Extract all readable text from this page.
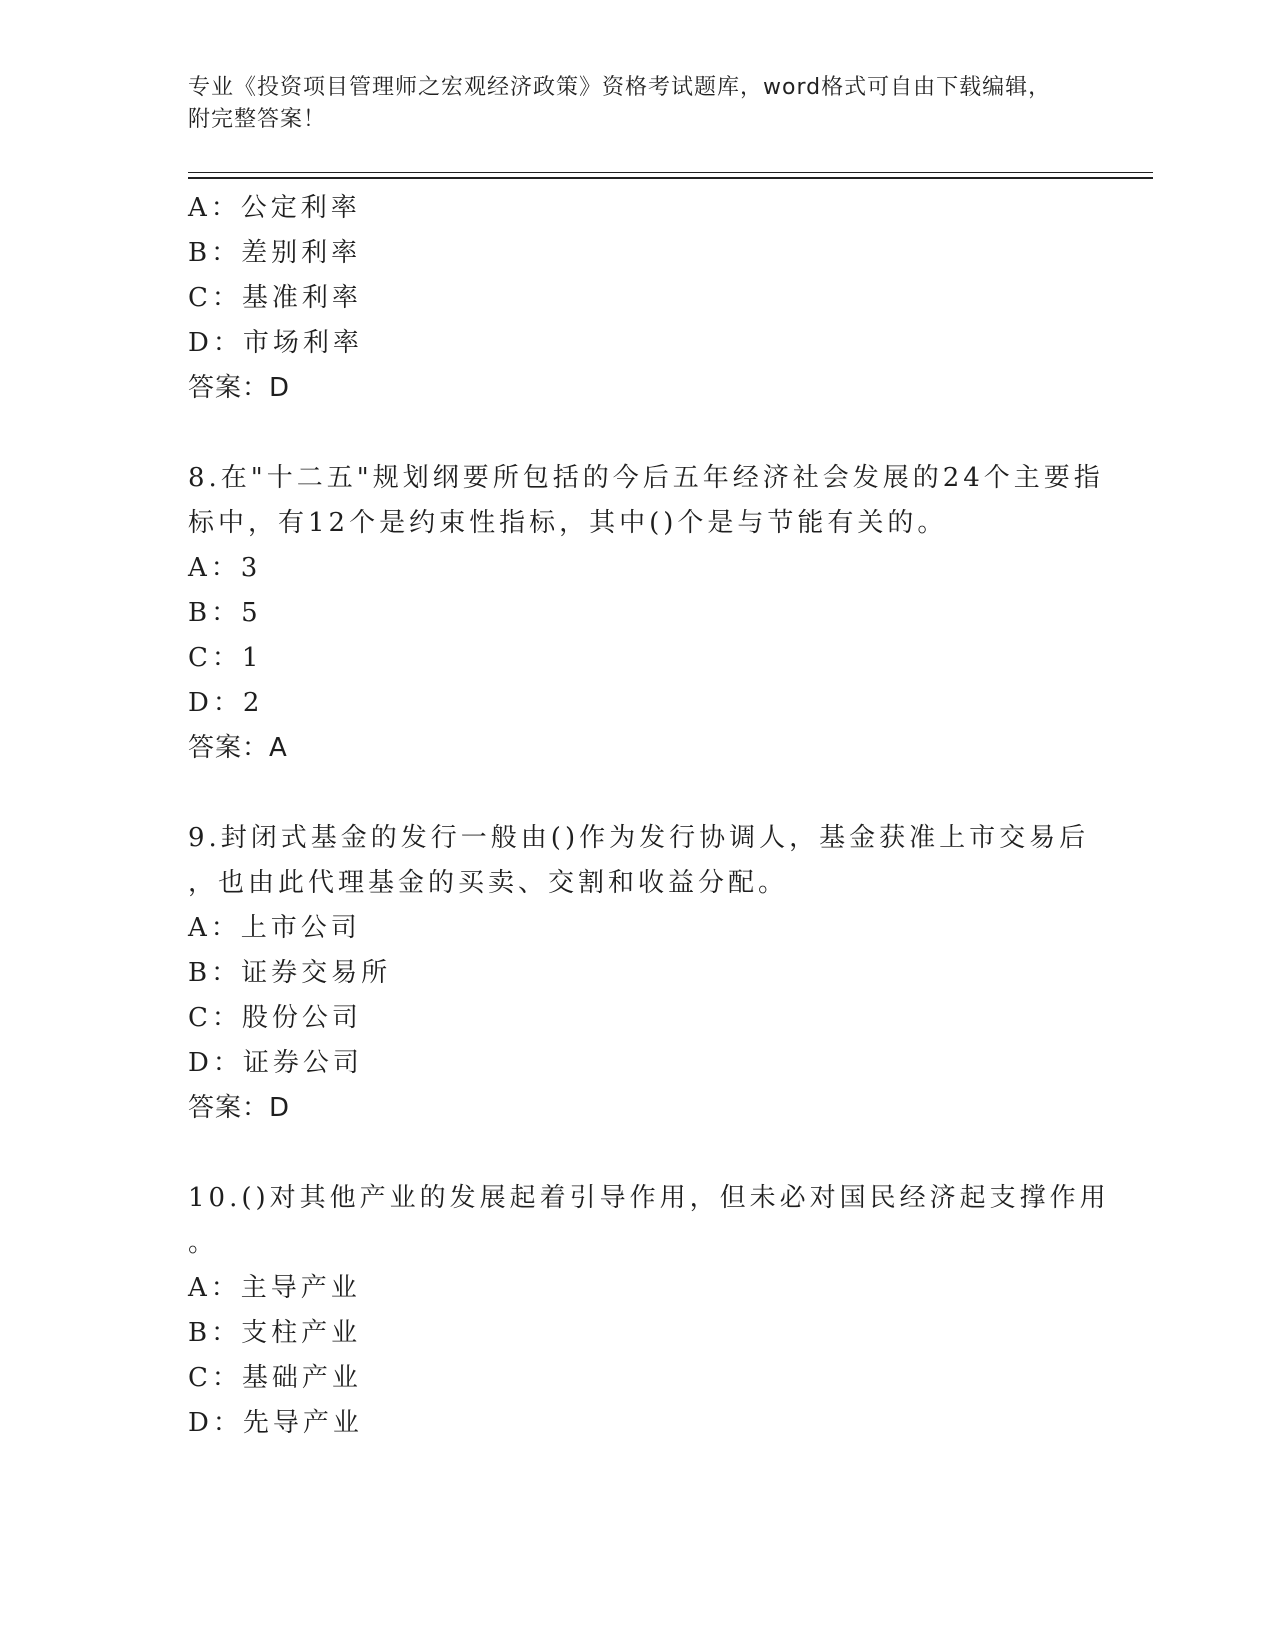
专业《投资项目管理师之宏观经济政策》资格考试题库，word格式可自由下载编辑，附完整答案！
A：公定利率
B：差别利率
C：基准利率
D：市场利率
答案：D
8.在"十二五"规划纲要所包括的今后五年经济社会发展的24个主要指
标中，有12个是约束性指标，其中()个是与节能有关的。
A：3
B：5
C：1
D：2
答案：A
9.封闭式基金的发行一般由()作为发行协调人，基金获准上市交易后
，也由此代理基金的买卖、交割和收益分配。
A：上市公司
B：证券交易所
C：股份公司
D：证券公司
答案：D
10.()对其他产业的发展起着引导作用，但未必对国民经济起支撑作用
。
A：主导产业
B：支柱产业
C：基础产业
D：先导产业
